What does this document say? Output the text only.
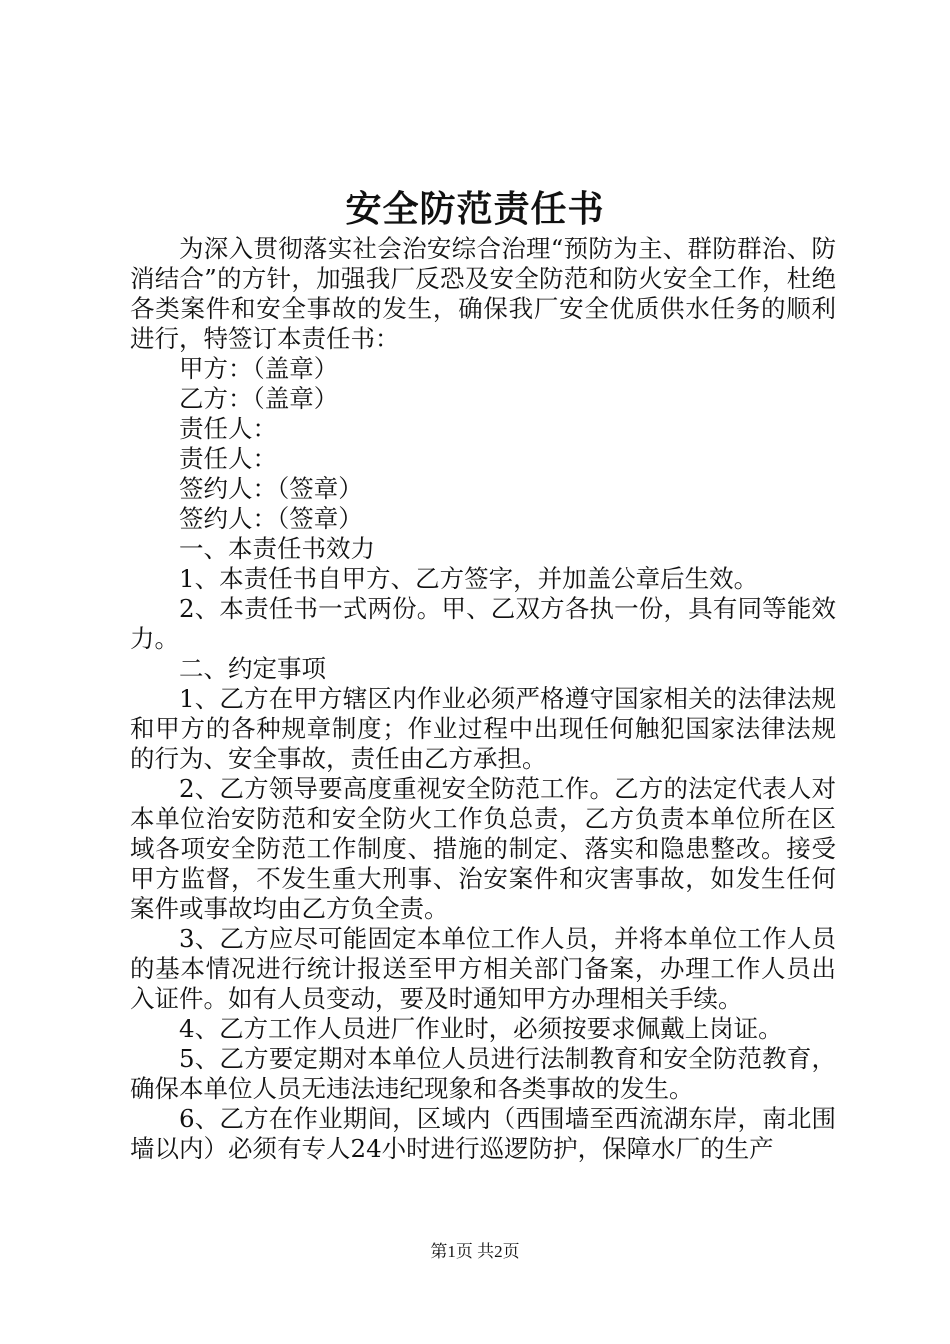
安全防范责任书

为深入贯彻落实社会治安综合治理“预防为主、群防群治、防消结合”的方针，加强我厂反恐及安全防范和防火安全工作，杜绝各类案件和安全事故的发生，确保我厂安全优质供水任务的顺利进行，特签订本责任书：

甲方：（盖章）

乙方：（盖章）

责任人：

责任人：

签约人：（签章）

签约人：（签章）

一、本责任书效力

1、本责任书自甲方、乙方签字，并加盖公章后生效。

2、本责任书一式两份。甲、乙双方各执一份，具有同等能效力。

二、约定事项

1、乙方在甲方辖区内作业必须严格遵守国家相关的法律法规和甲方的各种规章制度；作业过程中出现任何触犯国家法律法规的行为、安全事故，责任由乙方承担。

2、乙方领导要高度重视安全防范工作。乙方的法定代表人对本单位治安防范和安全防火工作负总责，乙方负责本单位所在区域各项安全防范工作制度、措施的制定、落实和隐患整改。接受甲方监督，不发生重大刑事、治安案件和灾害事故，如发生任何案件或事故均由乙方负全责。

3、乙方应尽可能固定本单位工作人员，并将本单位工作人员的基本情况进行统计报送至甲方相关部门备案，办理工作人员出入证件。如有人员变动，要及时通知甲方办理相关手续。

4、乙方工作人员进厂作业时，必须按要求佩戴上岗证。

5、乙方要定期对本单位人员进行法制教育和安全防范教育，确保本单位人员无违法违纪现象和各类事故的发生。

6、乙方在作业期间，区域内（西围墙至西流湖东岸，南北围墙以内）必须有专人24小时进行巡逻防护，保障水厂的生产

第1页 共2页
